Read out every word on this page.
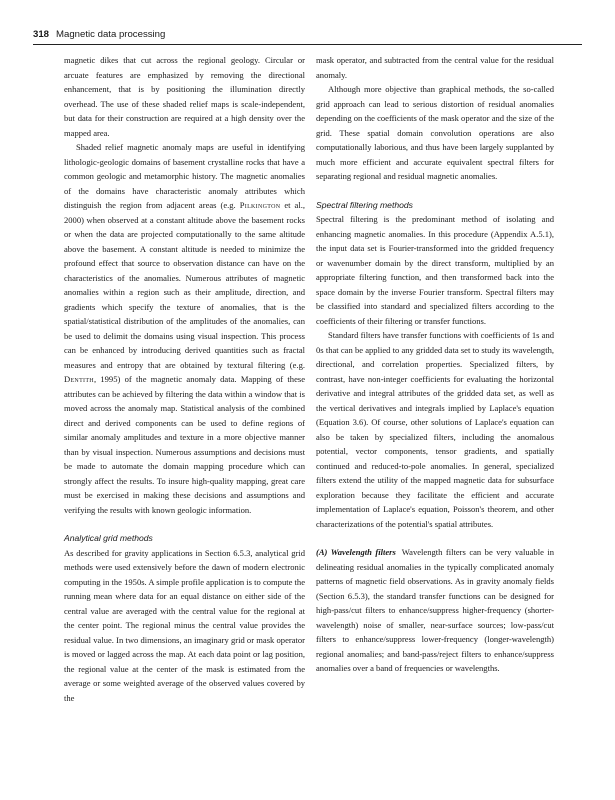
318 Magnetic data processing

magnetic dikes that cut across the regional geology. Circular or arcuate features are emphasized by removing the directional enhancement, that is by positioning the illumination directly overhead. The use of these shaded relief maps is scale-independent, but data for their construction are required at a high density over the mapped area.

Shaded relief magnetic anomaly maps are useful in identifying lithologic-geologic domains of basement crystalline rocks that have a common geologic and metamorphic history. The magnetic anomalies of the domains have characteristic anomaly attributes which distinguish the region from adjacent areas (e.g. Pilkington et al., 2000) when observed at a constant altitude above the basement rocks or when the data are projected computationally to the same altitude above the basement. A constant altitude is needed to minimize the profound effect that source to observation distance can have on the characteristics of the anomalies. Numerous attributes of magnetic anomalies within a region such as their amplitude, direction, and gradients which specify the texture of anomalies, that is the spatial/statistical distribution of the amplitudes of the anomalies, can be used to delimit the domains using visual inspection. This process can be enhanced by introducing derived quantities such as fractal measures and entropy that are obtained by textural filtering (e.g. Dentith, 1995) of the magnetic anomaly data. Mapping of these attributes can be achieved by filtering the data within a window that is moved across the anomaly map. Statistical analysis of the combined direct and derived components can be used to define regions of similar anomaly amplitudes and texture in a more objective manner than by visual inspection. Numerous assumptions and decisions must be made to automate the domain mapping procedure which can strongly affect the results. To insure high-quality mapping, great care must be exercised in making these decisions and assumptions and verifying the results with known geologic information.

Analytical grid methods

As described for gravity applications in Section 6.5.3, analytical grid methods were used extensively before the dawn of modern electronic computing in the 1950s. A simple profile application is to compute the running mean where data for an equal distance on either side of the central value are averaged with the central value for the regional at the center point. The regional minus the central value provides the residual value. In two dimensions, an imaginary grid or mask operator is moved or lagged across the map. At each data point or lag position, the regional value at the center of the mask is estimated from the average or some weighted average of the observed values covered by the

mask operator, and subtracted from the central value for the residual anomaly.

Although more objective than graphical methods, the so-called grid approach can lead to serious distortion of residual anomalies depending on the coefficients of the mask operator and the size of the grid. These spatial domain convolution operations are also computationally laborious, and thus have been largely supplanted by much more efficient and accurate equivalent spectral filters for separating regional and residual magnetic anomalies.

Spectral filtering methods

Spectral filtering is the predominant method of isolating and enhancing magnetic anomalies. In this procedure (Appendix A.5.1), the input data set is Fourier-transformed into the gridded frequency or wavenumber domain by the direct transform, multiplied by an appropriate filtering function, and then transformed back into the space domain by the inverse Fourier transform. Spectral filters may be classified into standard and specialized filters according to the coefficients of their filtering or transfer functions.

Standard filters have transfer functions with coefficients of 1s and 0s that can be applied to any gridded data set to study its wavelength, directional, and correlation properties. Specialized filters, by contrast, have non-integer coefficients for evaluating the horizontal derivative and integral attributes of the gridded data set, as well as the vertical derivatives and integrals implied by Laplace's equation (Equation 3.6). Of course, other solutions of Laplace's equation can also be taken by specialized filters, including the anomalous potential, vector components, tensor gradients, and spatially continued and reduced-to-pole anomalies. In general, specialized filters extend the utility of the mapped magnetic data for subsurface exploration because they facilitate the efficient and accurate implementation of Laplace's equation, Poisson's theorem, and other characterizations of the potential's spatial attributes.

(A) Wavelength filters Wavelength filters can be very valuable in delineating residual anomalies in the typically complicated anomaly patterns of magnetic field observations. As in gravity anomaly fields (Section 6.5.3), the standard transfer functions can be designed for high-pass/cut filters to enhance/suppress higher-frequency (shorter-wavelength) noise of smaller, near-surface sources; low-pass/cut filters to enhance/suppress lower-frequency (longer-wavelength) regional anomalies; and band-pass/reject filters to enhance/suppress anomalies over a band of frequencies or wavelengths.
